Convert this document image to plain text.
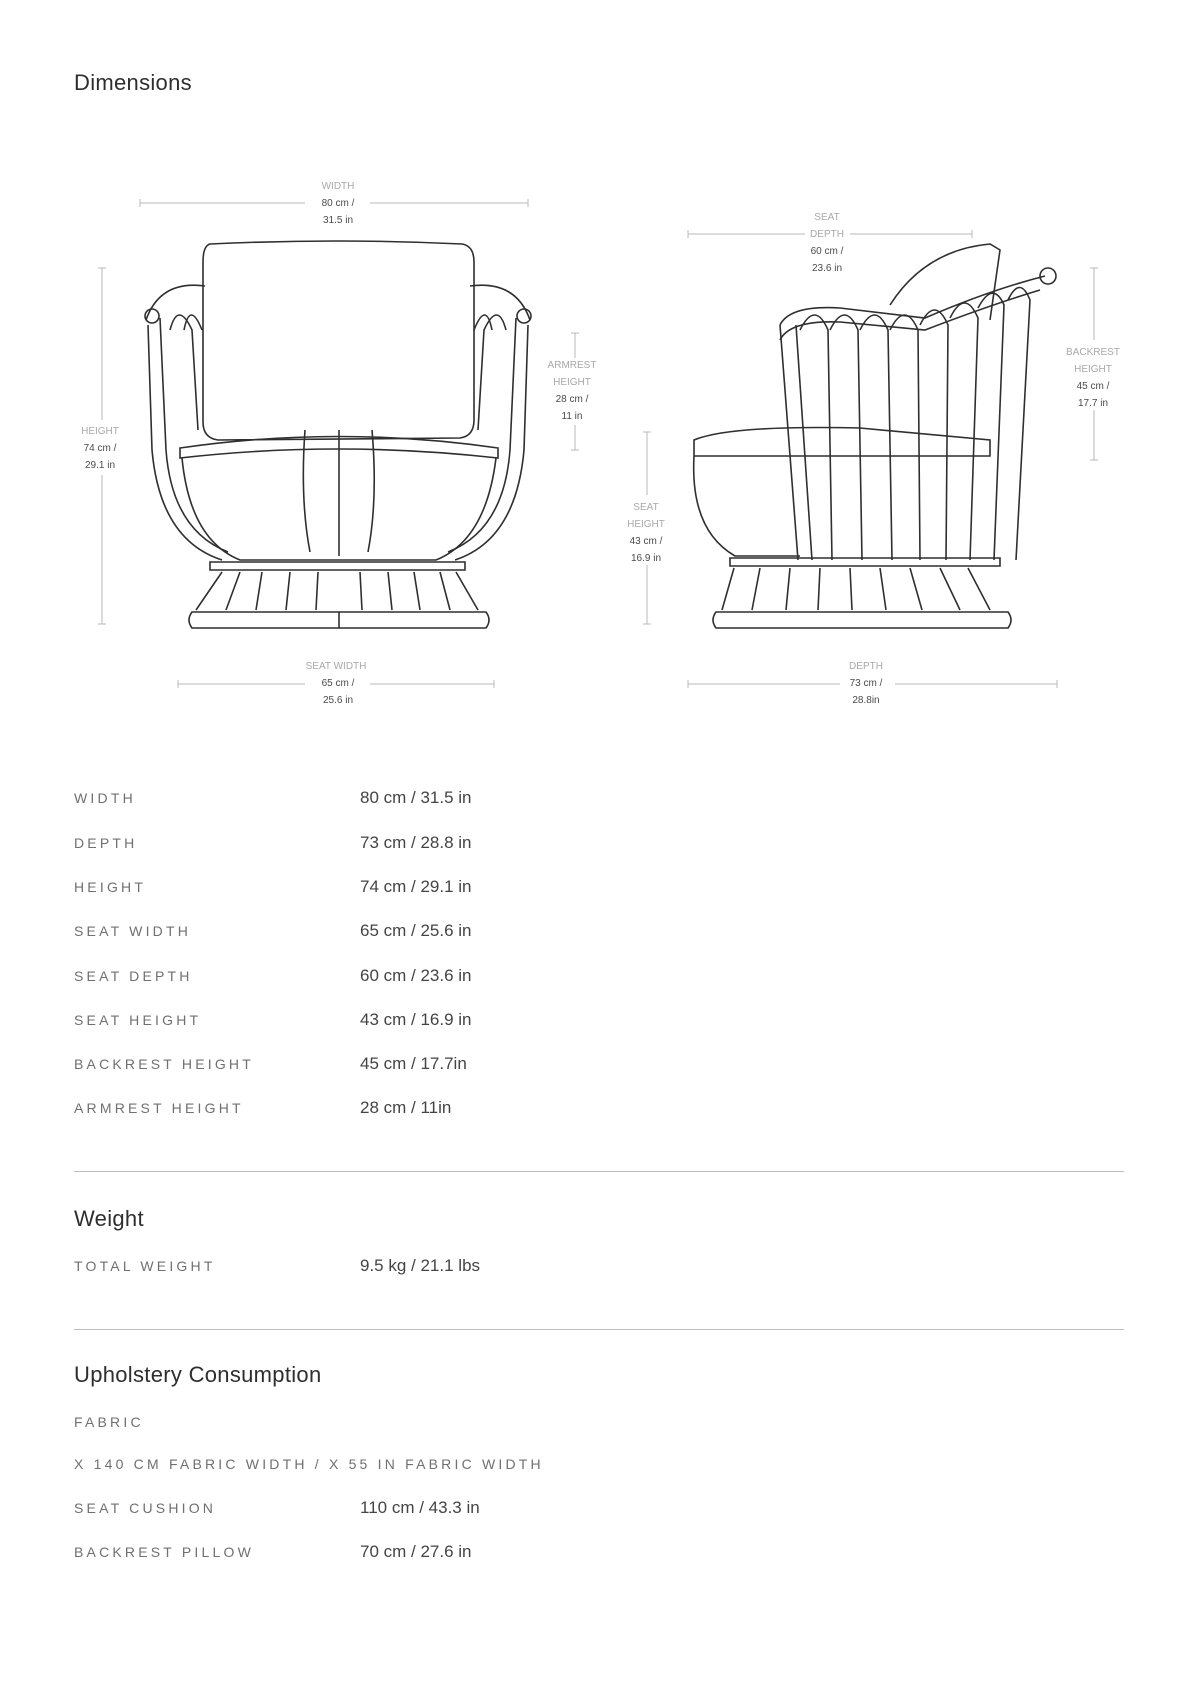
Dimensions
WIDTH
80 cm /
31.5 in
HEIGHT
74 cm /
29.1 in
ARMREST
HEIGHT
28 cm /
11 in
SEAT WIDTH
65 cm /
25.6 in
SEAT
DEPTH
60 cm /
23.6 in
BACKREST
HEIGHT
45 cm /
17.7 in
SEAT
HEIGHT
43 cm /
16.9 in
DEPTH
73 cm /
28.8in
WIDTH	80 cm / 31.5 in
DEPTH	73 cm / 28.8 in
HEIGHT	74 cm / 29.1 in
SEAT WIDTH	65 cm / 25.6 in
SEAT DEPTH	60 cm / 23.6 in
SEAT HEIGHT	43 cm / 16.9 in
BACKREST HEIGHT	45 cm / 17.7in
ARMREST HEIGHT	28 cm / 11in
Weight
TOTAL WEIGHT	9.5 kg / 21.1 lbs
Upholstery Consumption
FABRIC
X 140 CM FABRIC WIDTH / X 55 IN FABRIC WIDTH
SEAT CUSHION	110 cm / 43.3 in
BACKREST PILLOW	70 cm / 27.6 in
